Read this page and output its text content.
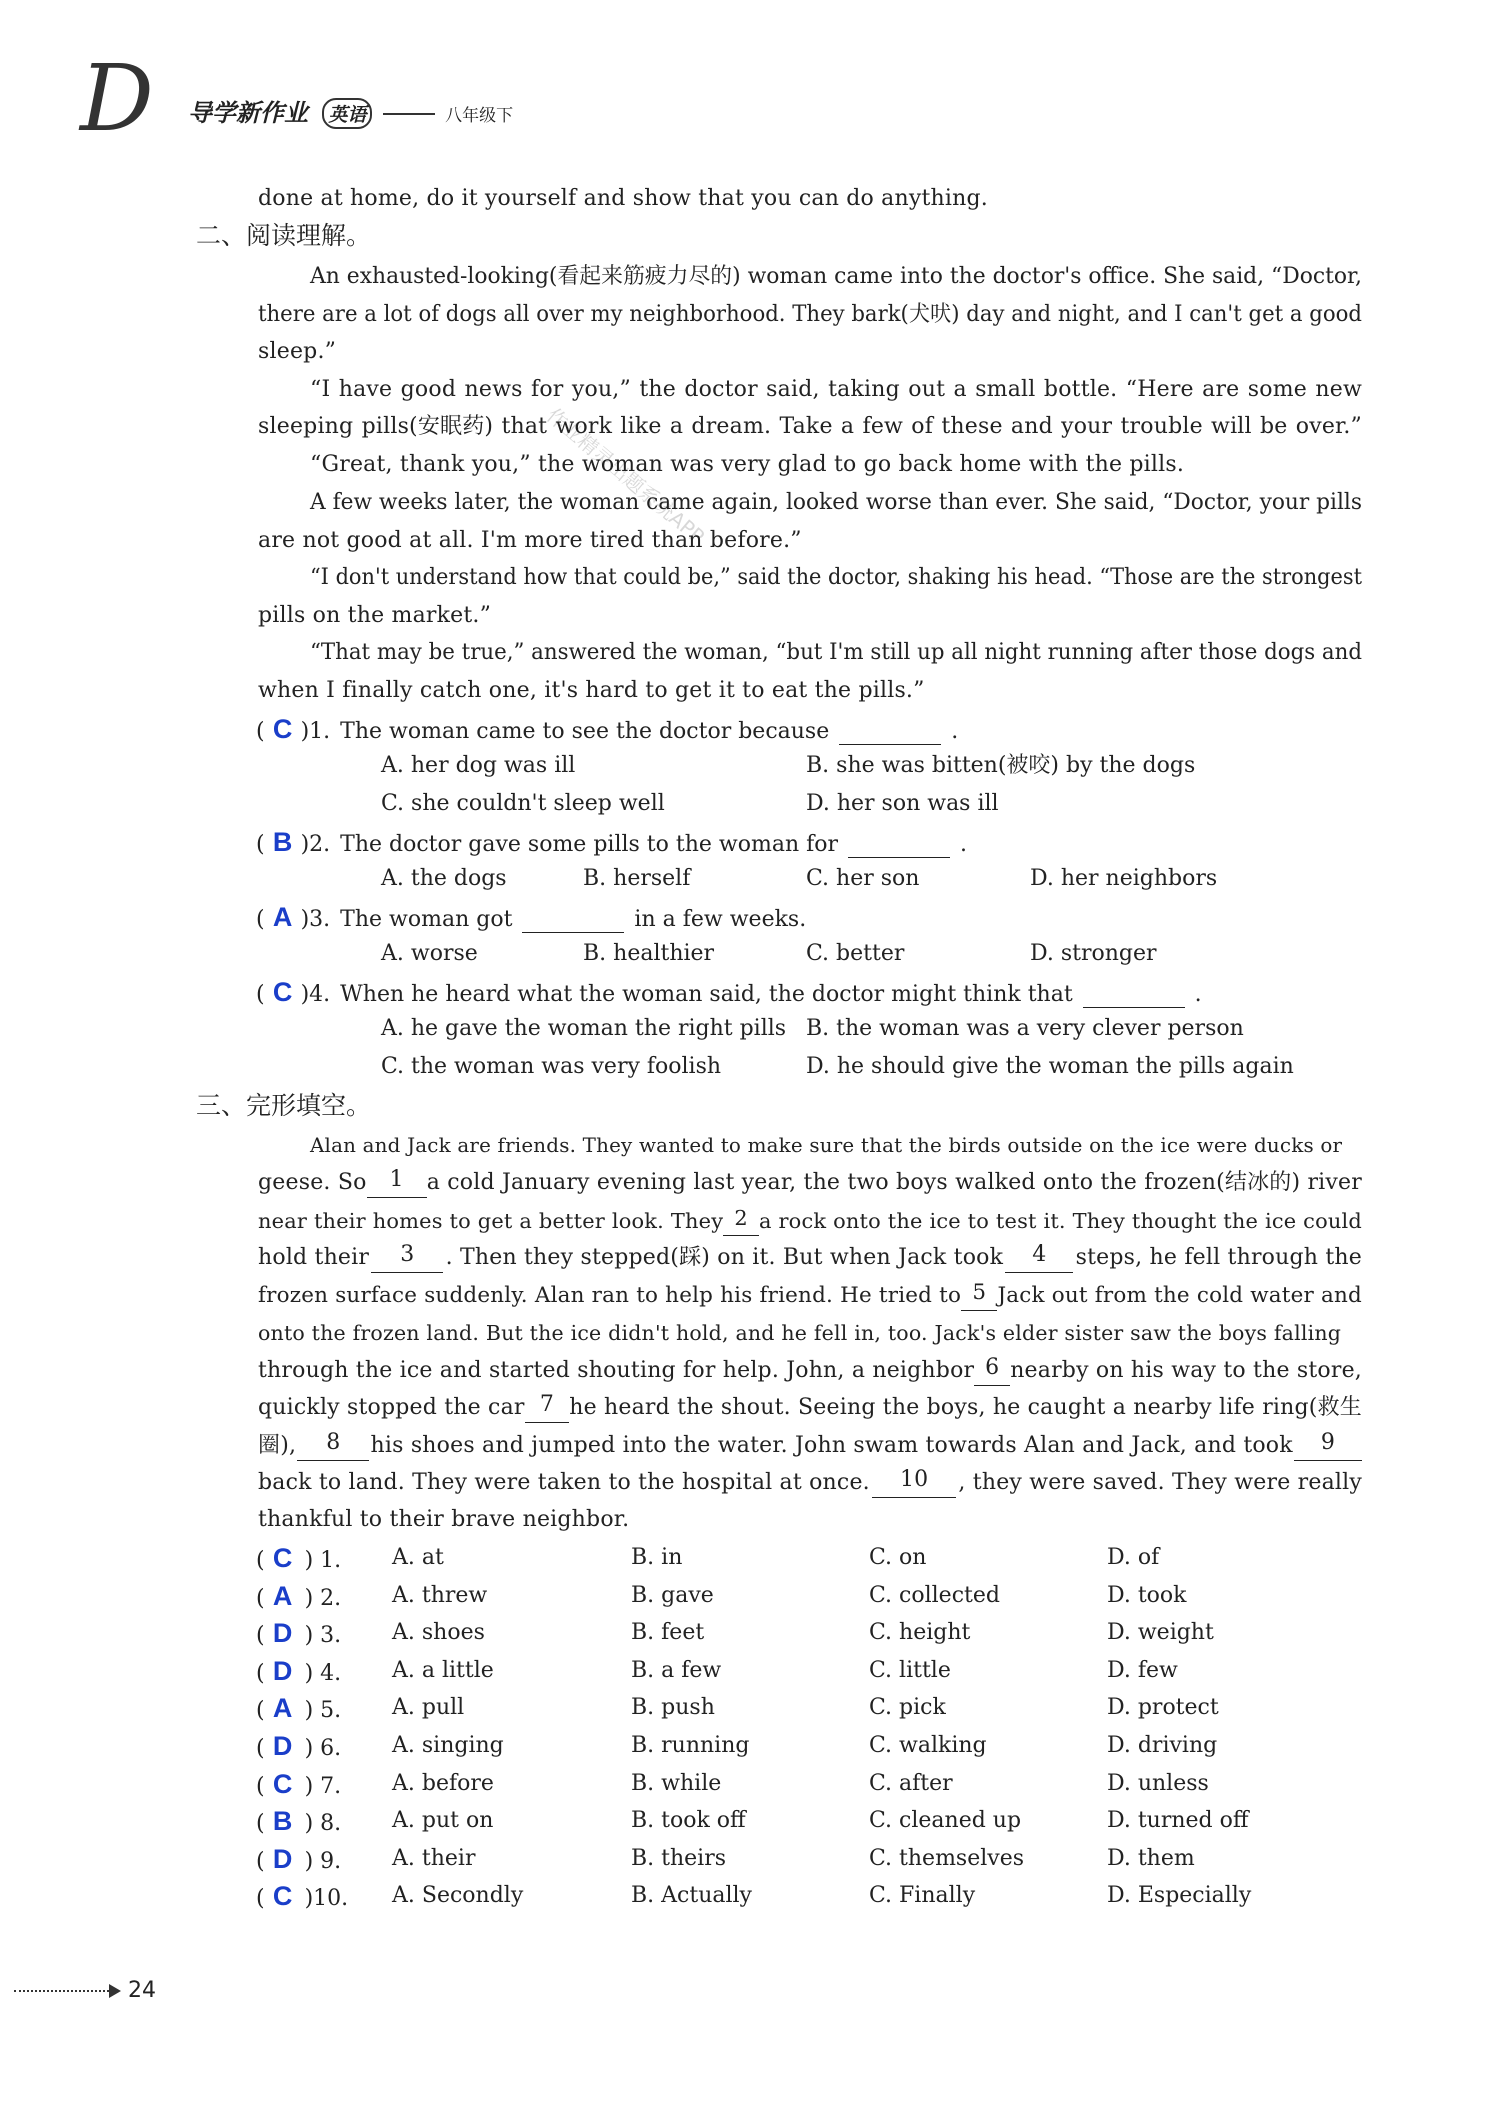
D	导学新作业 英语	八年级下
作业精灵出题系统APP
done at home, do it yourself and show that you can do anything.
二、阅读理解。
An exhausted-looking(看起来筋疲力尽的) woman came into the doctor's office. She said, “Doctor,
there are a lot of dogs all over my neighborhood. They bark(犬吠) day and night, and I can't get a good
sleep.”
“I have good news for you,” the doctor said, taking out a small bottle. “Here are some new
sleeping pills(安眠药) that work like a dream. Take a few of these and your trouble will be over.”
“Great, thank you,” the woman was very glad to go back home with the pills.
A few weeks later, the woman came again, looked worse than ever. She said, “Doctor, your pills
are not good at all. I'm more tired than before.”
“I don't understand how that could be,” said the doctor, shaking his head. “Those are the strongest
pills on the market.”
“That may be true,” answered the woman, “but I'm still up all night running after those dogs and
when I finally catch one, it's hard to get it to eat the pills.”
( C )1. The woman came to see the doctor because	.
A. her dog was ill	B. she was bitten(被咬) by the dogs
C. she couldn't sleep well	D. her son was ill
( B )2. The doctor gave some pills to the woman for	.
A. the dogs	B. herself	C. her son	D. her neighbors
( A )3. The woman got	in a few weeks.
A. worse	B. healthier	C. better	D. stronger
( C )4. When he heard what the woman said, the doctor might think that	.
A. he gave the woman the right pills B. the woman was a very clever person
C. the woman was very foolish	D. he should give the woman the pills again
三、完形填空。
Alan and Jack are friends. They wanted to make sure that the birds outside on the ice were ducks or
geese. So	1	a cold January evening last year, the two boys walked onto the frozen(结冰的) river
near their homes to get a better look. They 2 a rock onto the ice to test it. They thought the ice could
hold their	3	. Then they stepped(踩) on it. But when Jack took	4	steps, he fell through the
frozen surface suddenly. Alan ran to help his friend. He tried to 5 Jack out from the cold water and
onto the frozen land. But the ice didn't hold, and he fell in, too. Jack's elder sister saw the boys falling
through the ice and started shouting for help. John, a neighbor 6 nearby on his way to the store,
quickly stopped the car 7 he heard the shout. Seeing the boys, he caught a nearby life ring(救生
圈),	8	his shoes and jumped into the water. John swam towards Alan and Jack, and took	9
back to land. They were taken to the hospital at once.	10	, they were saved. They were really
thankful to their brave neighbor.
( C ) 1. A. at	B. in	C. on	D. of
( A ) 2. A. threw	B. gave	C. collected	D. took
( D ) 3. A. shoes	B. feet	C. height	D. weight
( D ) 4. A. a little	B. a few	C. little	D. few
( A ) 5. A. pull	B. push	C. pick	D. protect
( D ) 6. A. singing	B. running	C. walking	D. driving
( C ) 7. A. before	B. while	C. after	D. unless
( B ) 8. A. put on	B. took off	C. cleaned up	D. turned off
( D ) 9. A. their	B. theirs	C. themselves	D. them
( C )10. A. Secondly	B. Actually	C. Finally	D. Especially
24
